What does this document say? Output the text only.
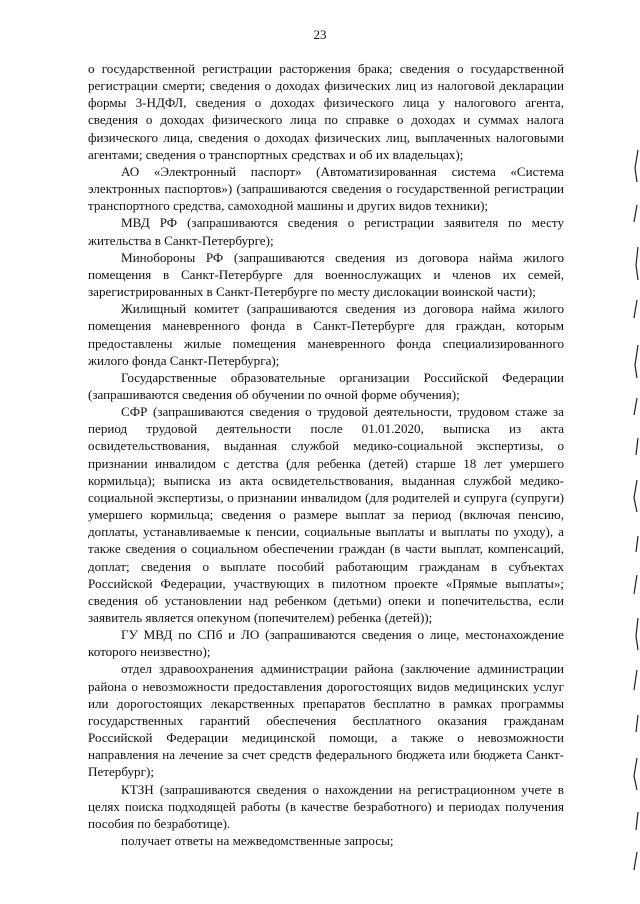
23

о государственной регистрации расторжения брака; сведения о государственной регистрации смерти; сведения о доходах физических лиц из налоговой декларации формы 3-НДФЛ, сведения о доходах физического лица у налогового агента, сведения о доходах физического лица по справке о доходах и суммах налога физического лица, сведения о доходах физических лиц, выплаченных налоговыми агентами; сведения о транспортных средствах и об их владельцах);

АО «Электронный паспорт» (Автоматизированная система «Система электронных паспортов») (запрашиваются сведения о государственной регистрации транспортного средства, самоходной машины и других видов техники);

МВД РФ (запрашиваются сведения о регистрации заявителя по месту жительства в Санкт-Петербурге);

Минобороны РФ (запрашиваются сведения из договора найма жилого помещения в Санкт-Петербурге для военнослужащих и членов их семей, зарегистрированных в Санкт-Петербурге по месту дислокации воинской части);

Жилищный комитет (запрашиваются сведения из договора найма жилого помещения маневренного фонда в Санкт-Петербурге для граждан, которым предоставлены жилые помещения маневренного фонда специализированного жилого фонда Санкт-Петербурга);

Государственные образовательные организации Российской Федерации (запрашиваются сведения об обучении по очной форме обучения);

СФР (запрашиваются сведения о трудовой деятельности, трудовом стаже за период трудовой деятельности после 01.01.2020, выписка из акта освидетельствования, выданная службой медико-социальной экспертизы, о признании инвалидом с детства (для ребенка (детей) старше 18 лет умершего кормильца); выписка из акта освидетельствования, выданная службой медико-социальной экспертизы, о признании инвалидом (для родителей и супруга (супруги) умершего кормильца; сведения о размере выплат за период (включая пенсию, доплаты, устанавливаемые к пенсии, социальные выплаты и выплаты по уходу), а также сведения о социальном обеспечении граждан (в части выплат, компенсаций, доплат; сведения о выплате пособий работающим гражданам в субъектах Российской Федерации, участвующих в пилотном проекте «Прямые выплаты»; сведения об установлении над ребенком (детьми) опеки и попечительства, если заявитель является опекуном (попечителем) ребенка (детей));

ГУ МВД по СПб и ЛО (запрашиваются сведения о лице, местонахождение которого неизвестно);

отдел здравоохранения администрации района (заключение администрации района о невозможности предоставления дорогостоящих видов медицинских услуг или дорогостоящих лекарственных препаратов бесплатно в рамках программы государственных гарантий обеспечения бесплатного оказания гражданам Российской Федерации медицинской помощи, а также о невозможности направления на лечение за счет средств федерального бюджета или бюджета Санкт-Петербург);

КТЗН (запрашиваются сведения о нахождении на регистрационном учете в целях поиска подходящей работы (в качестве безработного) и периодах получения пособия по безработице).

получает ответы на межведомственные запросы;
